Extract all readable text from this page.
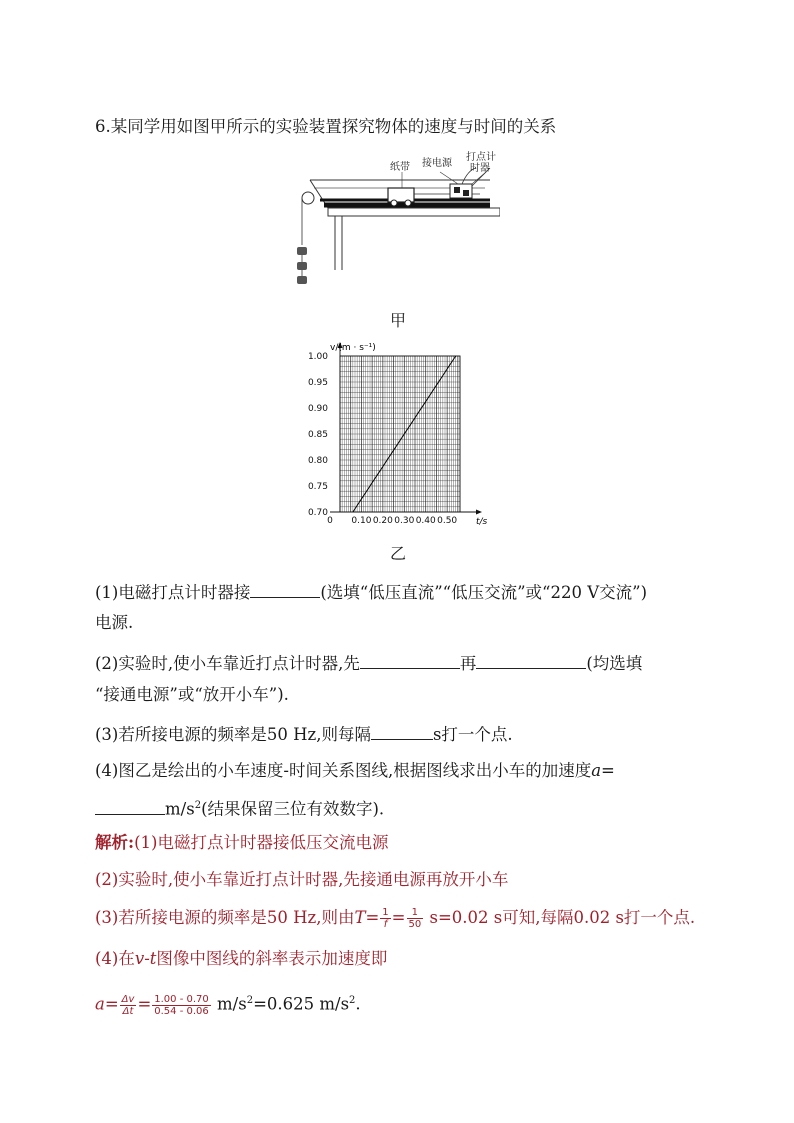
6.某同学用如图甲所示的实验装置探究物体的速度与时间的关系
纸带 接电源
打点计
时器
甲
0 0.10 0.20 0.30 0.40 0.50
0.70
0.75
0.80
0.85
0.90
0.95
1.00
v/(m · s⁻¹)
t/s
乙
(1)电磁打点计时器接	(选填“低压直流”“低压交流”或“220 V交流”)
电源.
(2)实验时,使小车靠近打点计时器,先	再	(均选填
“接通电源”或“放开小车”).
(3)若所接电源的频率是50 Hz,则每隔	s打一个点.
(4)图乙是绘出的小车速度-时间关系图线,根据图线求出小车的加速度a=
$m/s^2$(结果保留三位有效数字).
解析:(1)电磁打点计时器接低压交流电源
(2)实验时,使小车靠近打点计时器,先接通电源再放开小车
(3)若所接电源的频率是50 Hz,则由$T= \frac{1}{f} = \frac{1}{50} s=0.02$ s可知,每隔0.02 s打一个点.
(4)在v-t图像中图线的斜率表示加速度即
$a= \frac{\Delta v}{\Delta t} = \frac{1.00 - 0.70}{0.54 - 0.06} m/s^2=0.625$ $m/s^2$.
